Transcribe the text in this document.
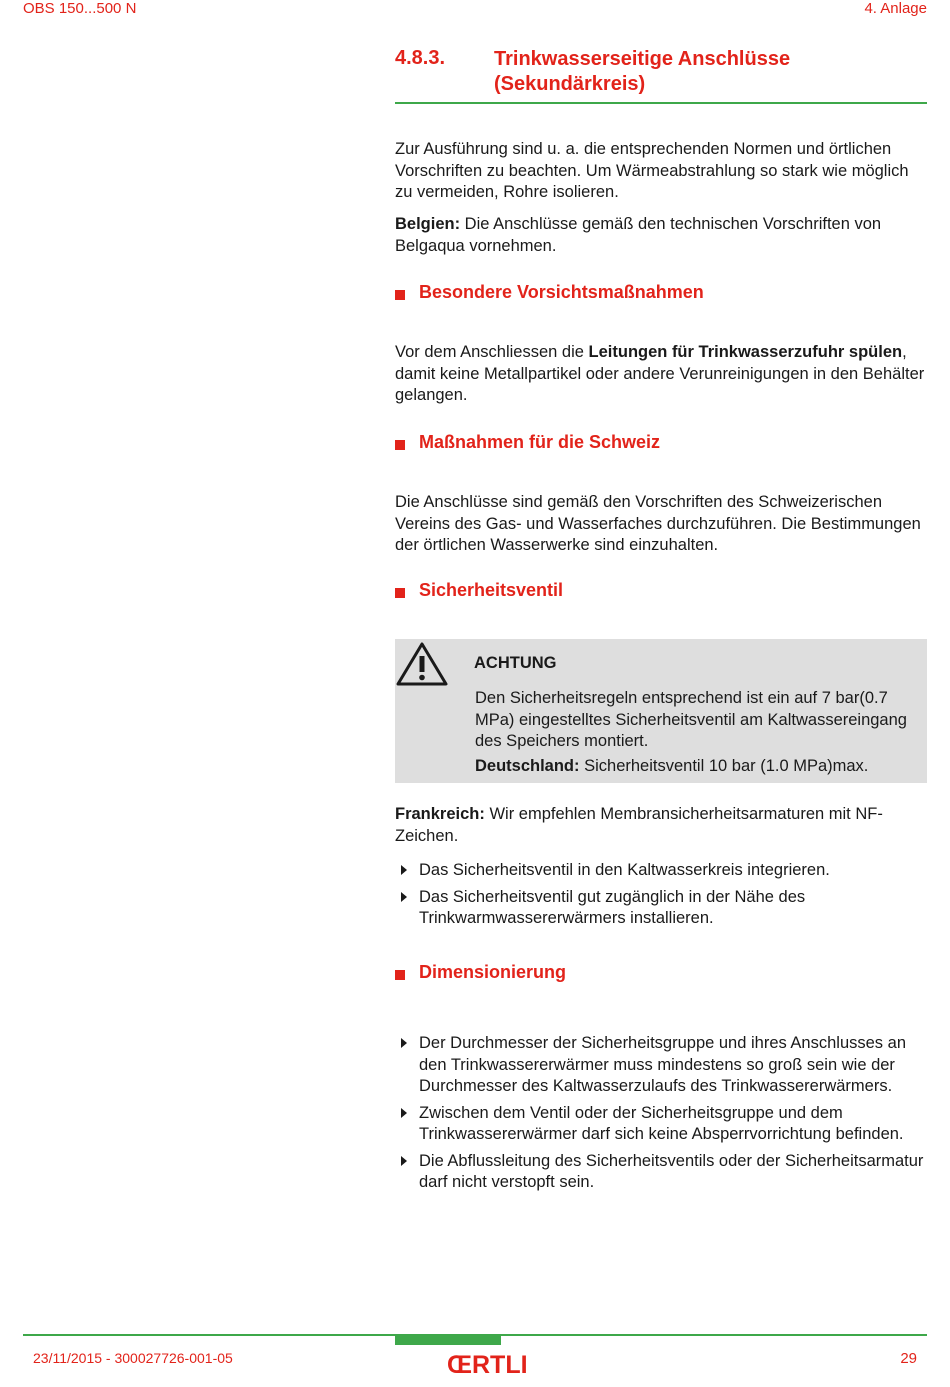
OBS 150...500 N	4. Anlage
4.8.3. Trinkwasserseitige Anschlüsse (Sekundärkreis)
Zur Ausführung sind u. a. die entsprechenden Normen und örtlichen Vorschriften zu beachten. Um Wärmeabstrahlung so stark wie möglich zu vermeiden, Rohre isolieren.
Belgien: Die Anschlüsse gemäß den technischen Vorschriften von Belgaqua vornehmen.
Besondere Vorsichtsmaßnahmen
Vor dem Anschliessen die Leitungen für Trinkwasserzufuhr spülen, damit keine Metallpartikel oder andere Verunreinigungen in den Behälter gelangen.
Maßnahmen für die Schweiz
Die Anschlüsse sind gemäß den Vorschriften des Schweizerischen Vereins des Gas- und Wasserfaches durchzuführen. Die Bestimmungen der örtlichen Wasserwerke sind einzuhalten.
Sicherheitsventil
ACHTUNG
Den Sicherheitsregeln entsprechend ist ein auf 7 bar(0.7 MPa) eingestelltes Sicherheitsventil am Kaltwassereingang des Speichers montiert.
Deutschland: Sicherheitsventil 10 bar (1.0 MPa)max.
Frankreich: Wir empfehlen Membransicherheitsarmaturen mit NF-Zeichen.
Das Sicherheitsventil in den Kaltwasserkreis integrieren.
Das Sicherheitsventil gut zugänglich in der Nähe des Trinkwarmwassererwärmers installieren.
Dimensionierung
Der Durchmesser der Sicherheitsgruppe und ihres Anschlusses an den Trinkwassererwärmer muss mindestens so groß sein wie der Durchmesser des Kaltwasserzulaufs des Trinkwassererwärmers.
Zwischen dem Ventil oder der Sicherheitsgruppe und dem Trinkwassererwärmer darf sich keine Absperrvorrichtung befinden.
Die Abflussleitung des Sicherheitsventils oder der Sicherheitsarmatur darf nicht verstopft sein.
23/11/2015 - 300027726-001-05	ŒRTLI	29
